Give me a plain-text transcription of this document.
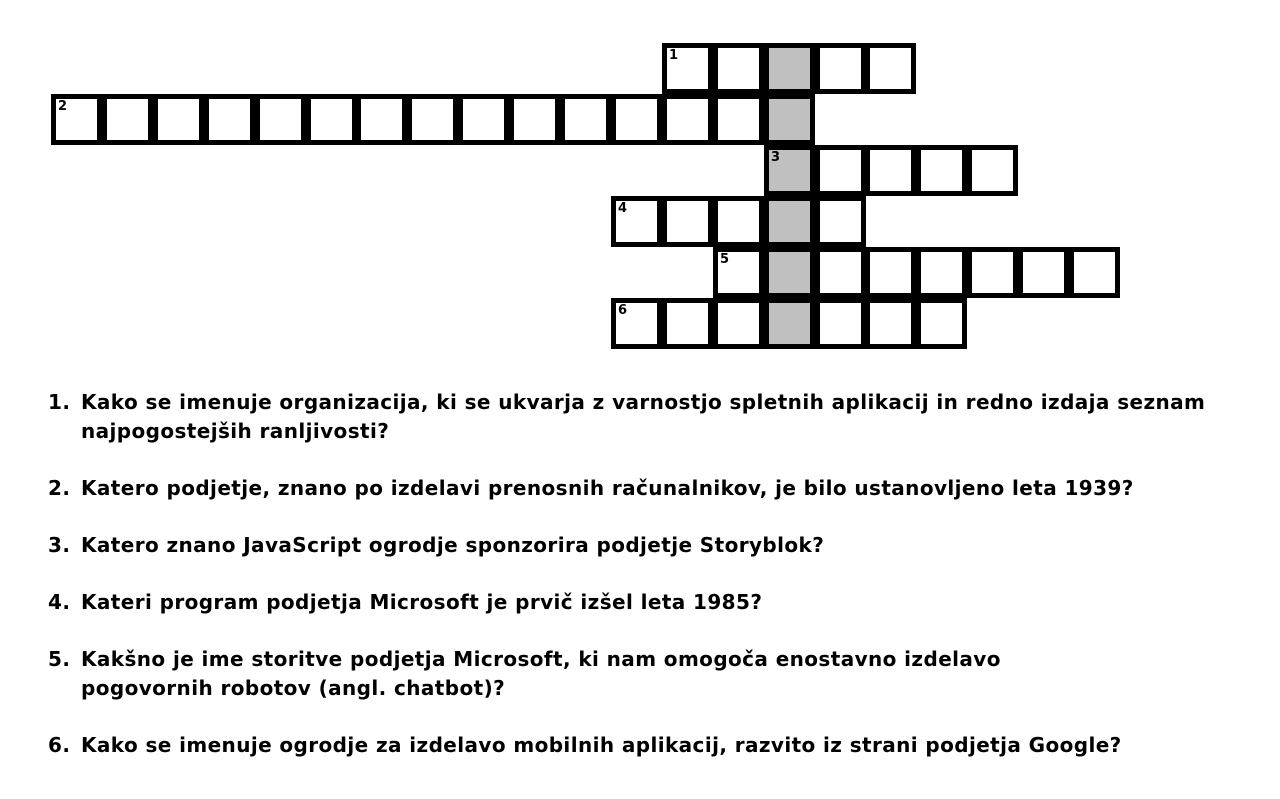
1
2
3
4
5
6
1. Kako se imenuje organizacija, ki se ukvarja z varnostjo spletnih aplikacij in redno izdaja seznam najpogostejših ranljivosti?
2. Katero podjetje, znano po izdelavi prenosnih računalnikov, je bilo ustanovljeno leta 1939?
3. Katero znano JavaScript ogrodje sponzorira podjetje Storyblok?
4. Kateri program podjetja Microsoft je prvič izšel leta 1985?
5. Kakšno je ime storitve podjetja Microsoft, ki nam omogoča enostavno izdelavo pogovornih robotov (angl. chatbot)?
6. Kako se imenuje ogrodje za izdelavo mobilnih aplikacij, razvito iz strani podjetja Google?
